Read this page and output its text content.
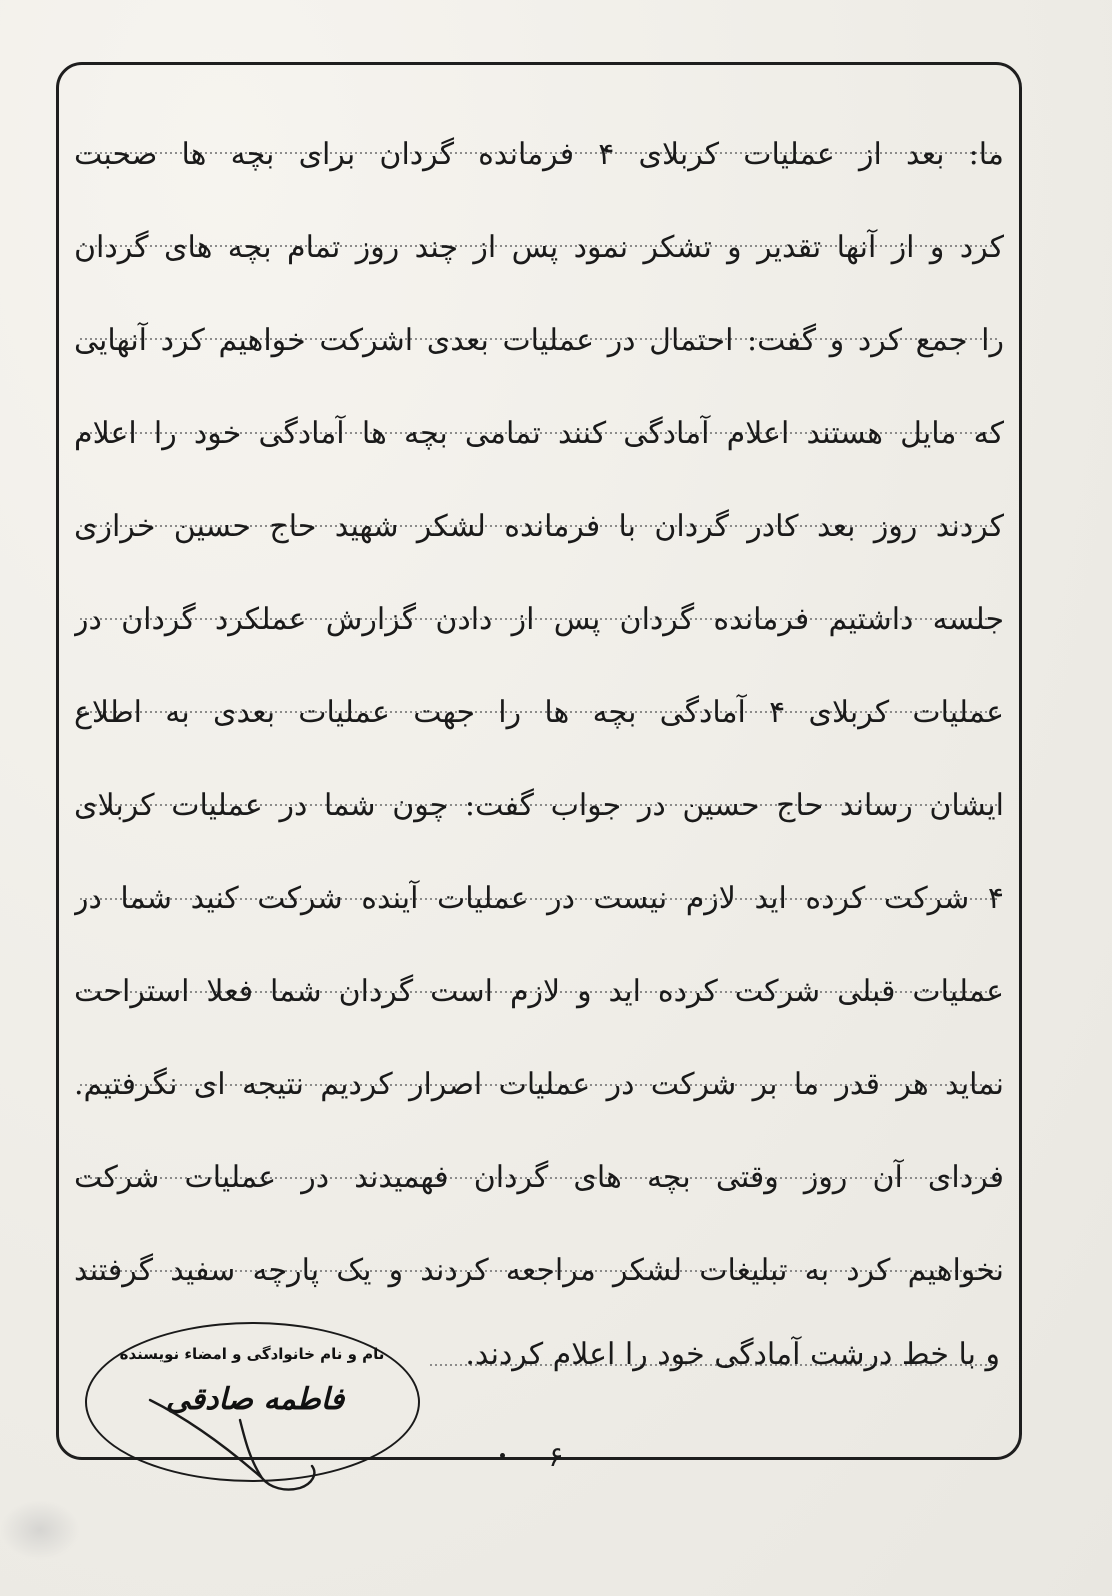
ما: بعد از عملیات کربلای ۴ فرمانده گردان برای بچه ها صحبت
کرد و از آنها تقدیر و تشکر نمود پس از چند روز تمام بچه های گردان
را جمع کرد و گفت: احتمال در عملیات بعدی اشرکت خواهیم کرد آنهایی
که مایل هستند اعلام آمادگی کنند تمامی بچه ها آمادگی خود را اعلام
کردند روز بعد کادر گردان با فرمانده لشکر شهید حاج حسین خرازی
جلسه داشتیم فرمانده گردان پس از دادن گزارش عملکرد گردان در
عملیات کربلای ۴ آمادگی بچه ها را جهت عملیات بعدی به اطلاع
ایشان رساند حاج حسین در جواب گفت: چون شما در عملیات کربلای
۴ شرکت کرده اید لازم نیست در عملیات آینده شرکت کنید شما در
عملیات قبلی شرکت کرده اید و لازم است گردان شما فعلا استراحت
نماید هر قدر ما بر شرکت در عملیات اصرار کردیم نتیجه ای نگرفتیم.
فردای آن روز وقتی بچه های گردان فهمیدند در عملیات شرکت
نخواهیم کرد به تبلیغات لشکر مراجعه کردند و یک پارچه سفید گرفتند
و با خط درشت آمادگی خود را اعلام کردند.
نام و نام خانوادگی و امضاء نویسنده
فاطمه صادقی
۶
